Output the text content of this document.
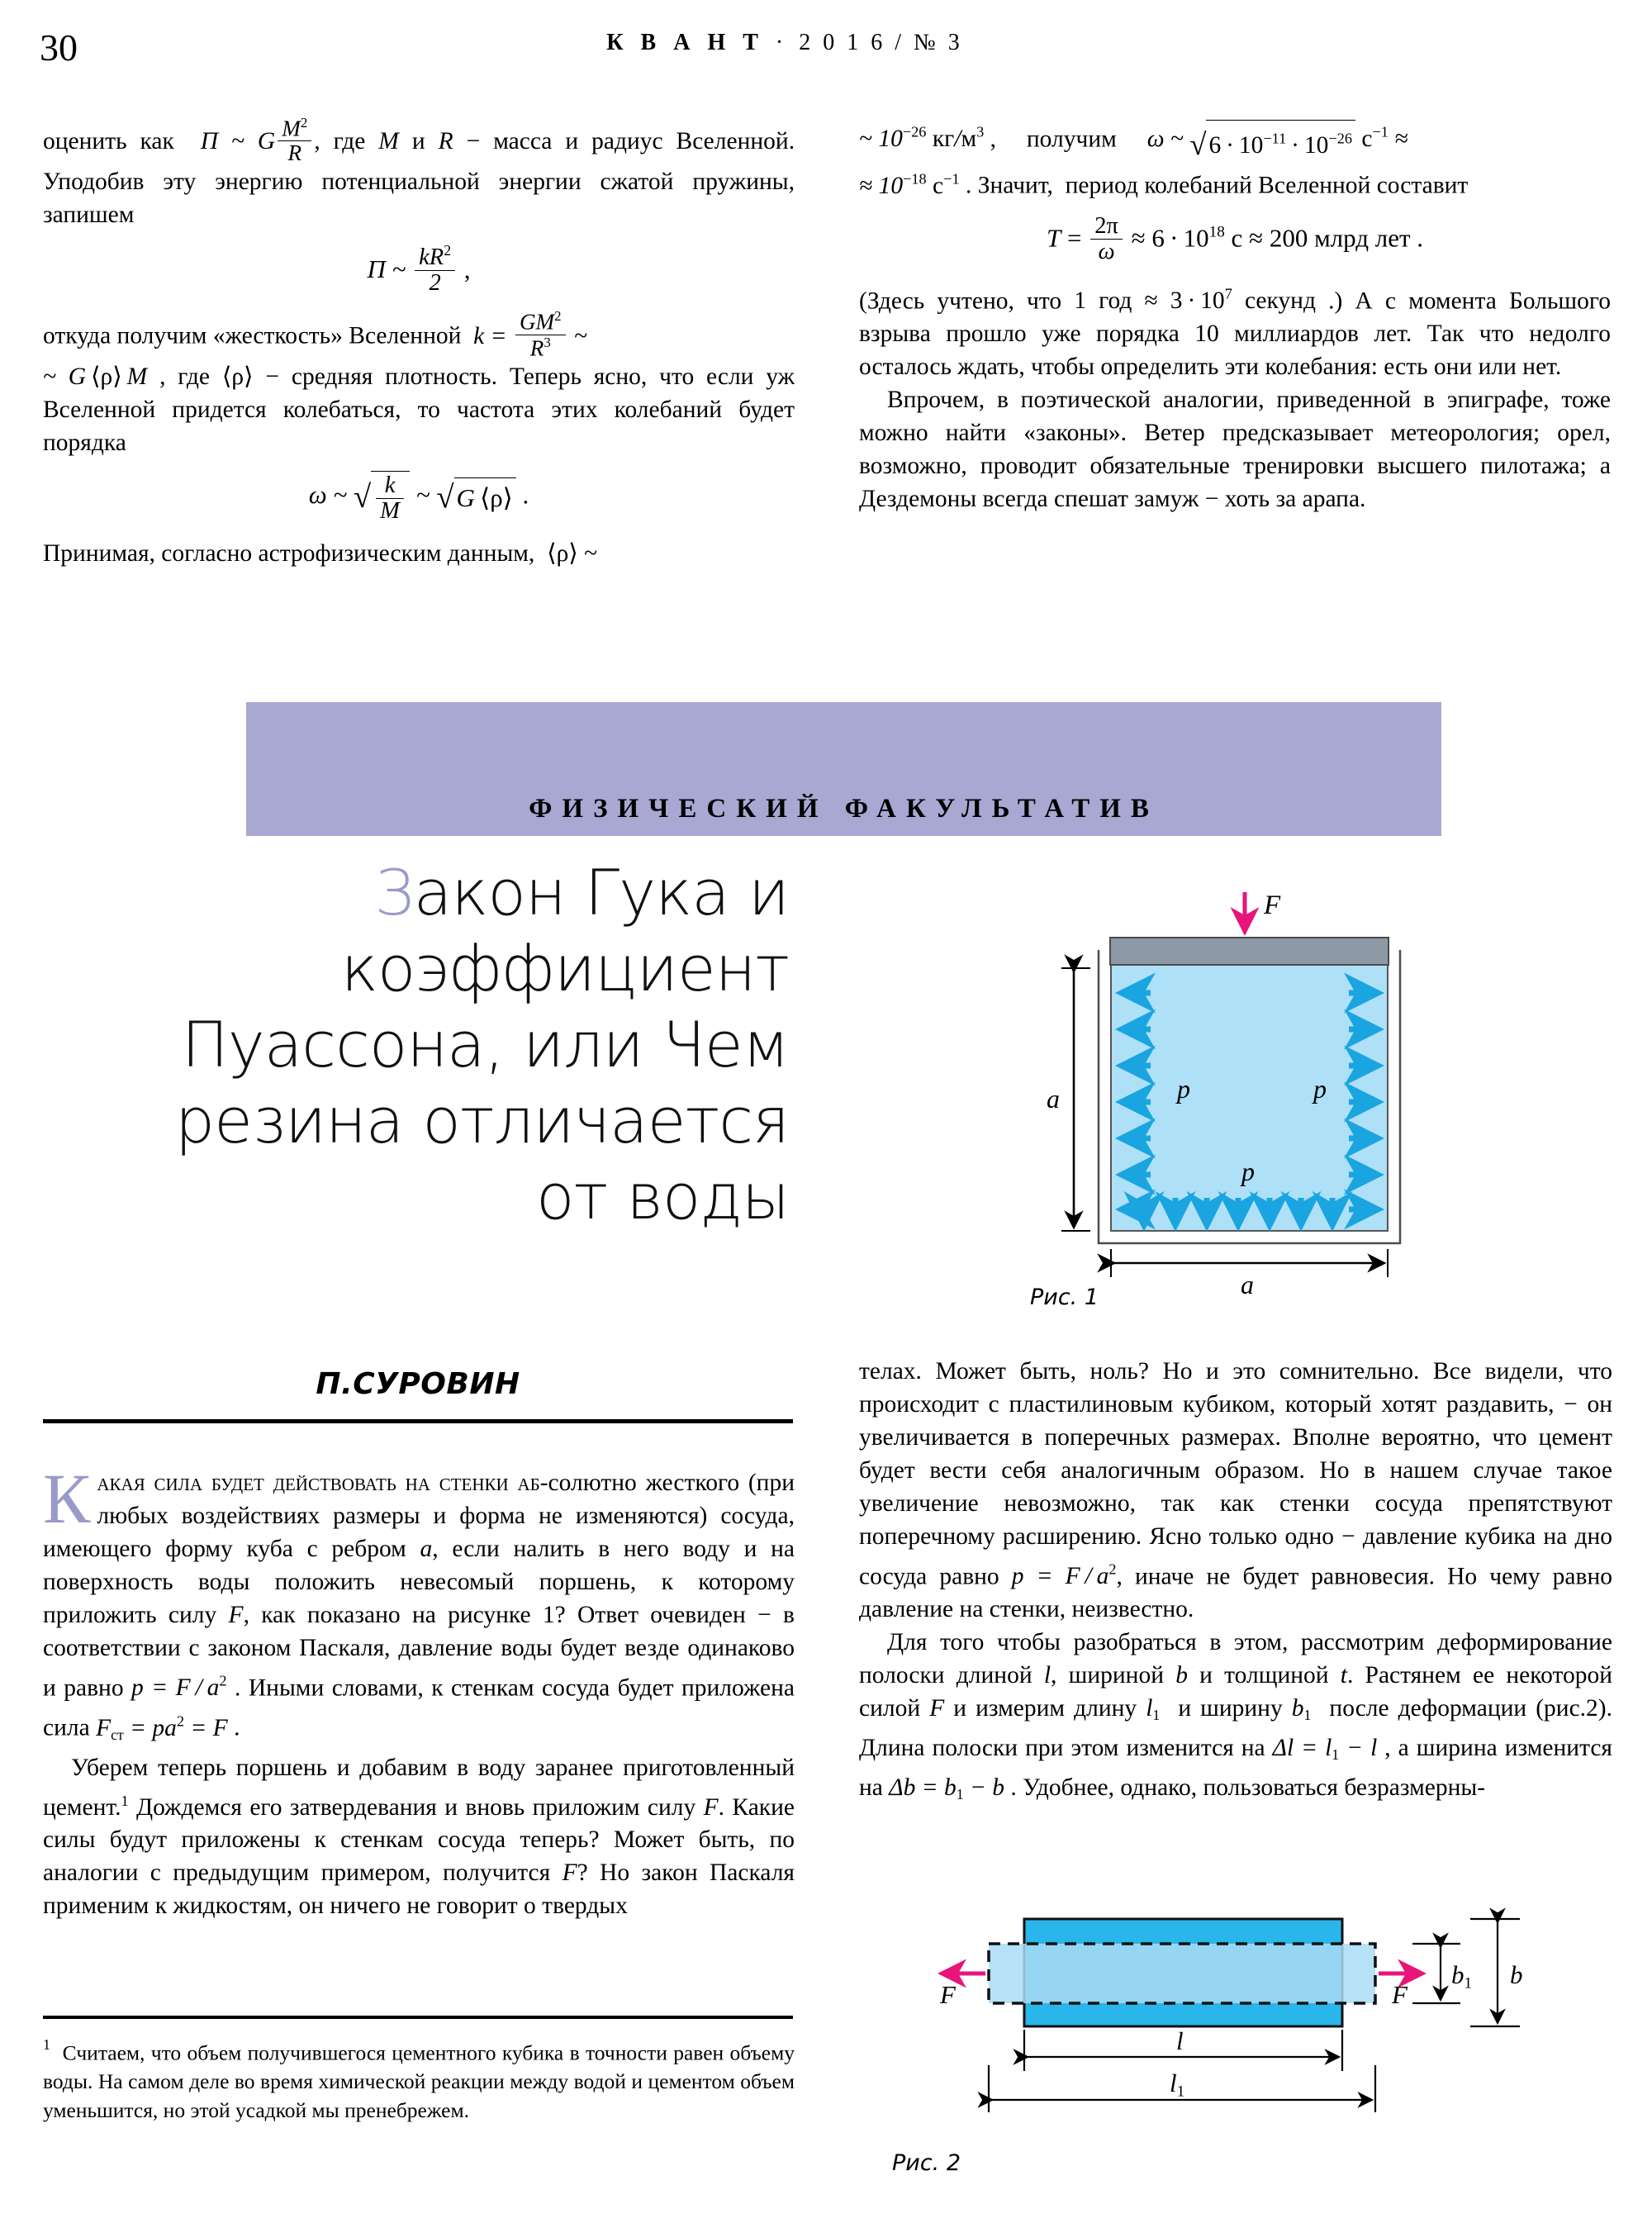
30	К В А Н Т · 2 0 1 6 / № 3

оценить как П ~ G $\frac{M^2}{R}$ , где M и R − масса и радиус Вселенной. Уподобив эту энергию потенциальной энергии сжатой пружины, запишем

П ~ $\frac{kR^2}{2}$ ,

откуда получим «жесткость» Вселенной $k = \frac{GM^2}{R^3}$ ~
~ G ⟨ρ⟩ M , где ⟨ρ⟩ − средняя плотность. Теперь ясно, что если уж Вселенной придется колебаться, то частота этих колебаний будет порядка

ω ~ √ $\frac{k}{M}$ ~ √G ⟨ρ⟩ .

Принимая, согласно астрофизическим данным, ⟨ρ⟩ ~

~ $10^{-26}$ $кг/м^3$ ,     получим ω ~ √ $6 \cdot 10^{-11} \cdot 10^{-26}$ $с^{-1}$ ≈

≈ $10^{-18}$ $с^{-1}$ . Значит,  период колебаний Вселенной составит

$T = \frac{2\pi}{\omega} \approx 6 \cdot 10^{18}$ с ≈ 200 млрд лет .

(Здесь учтено, что 1 год ≈ $3 \cdot 10^7$ секунд .) А с момента Большого взрыва прошло уже порядка 10 миллиардов лет. Так что недолго осталось ждать, чтобы определить эти колебания: есть они или нет.

Впрочем, в поэтической аналогии, приведенной в эпиграфе, тоже можно найти «законы». Ветер предсказывает метеорология; орел, возможно, проводит обязательные тренировки высшего пилотажа; а Дездемоны всегда спешат замуж − хоть за арапа.

ФИЗИЧЕСКИЙ ФАКУЛЬТАТИВ
Закон Гука и
коэффициент
Пуассона, или Чем
резина отличается
от воды
П.СУРОВИН

Какая сила будет действовать на стенки аб-солютно жесткого (при любых воздействиях размеры и форма не изменяются) сосуда, имеющего форму куба с ребром a, если налить в него воду и на поверхность воды положить невесомый поршень, к которому приложить силу F, как показано на рисунке 1? Ответ очевиден − в соответствии с законом Паскаля, давление воды будет везде одинаково и равно $p = F / a^2$ . Иными словами, к стенкам сосуда будет приложена сила $F_{ст} = pa^2 = F$ .

Уберем теперь поршень и добавим в воду заранее приготовленный цемент.$^1$ Дождемся его затвердевания и вновь приложим силу F. Какие силы будут приложены к стенкам сосуда теперь? Может быть, по аналогии с предыдущим примером, получится F? Но закон Паскаля применим к жидкостям, он ничего не говорит о твердых

$^1$ Считаем, что объем получившегося цементного кубика в точности равен объему воды. На самом деле во время химической реакции между водой и цементом объем уменьшится, но этой усадкой мы пренебрежем.

телах. Может быть, ноль? Но и это сомнительно. Все видели, что происходит с пластилиновым кубиком, который хотят раздавить, − он увеличивается в поперечных размерах. Вполне вероятно, что цемент будет вести себя аналогичным образом. Но в нашем случае такое увеличение невозможно, так как стенки сосуда препятствуют поперечному расширению. Ясно только одно − давление кубика на дно сосуда равно $p = F / a^2$, иначе не будет равновесия. Но чему равно давление на стенки, неизвестно.

Для того чтобы разобраться в этом, рассмотрим деформирование полоски длиной l, шириной b и толщиной t. Растянем ее некоторой силой F и измерим длину $l_1$  и ширину $b_1$  после деформации (рис.2). Длина полоски при этом изменится на $\Delta l = l_1 - l$ , а ширина изменится на $\Delta b = b_1 - b$ . Удобнее, однако, пользоваться безразмерны-

F
p	p
p
a
a
Рис. 1
F	F
l
$l_1$
$b_1$ b
Рис. 2
